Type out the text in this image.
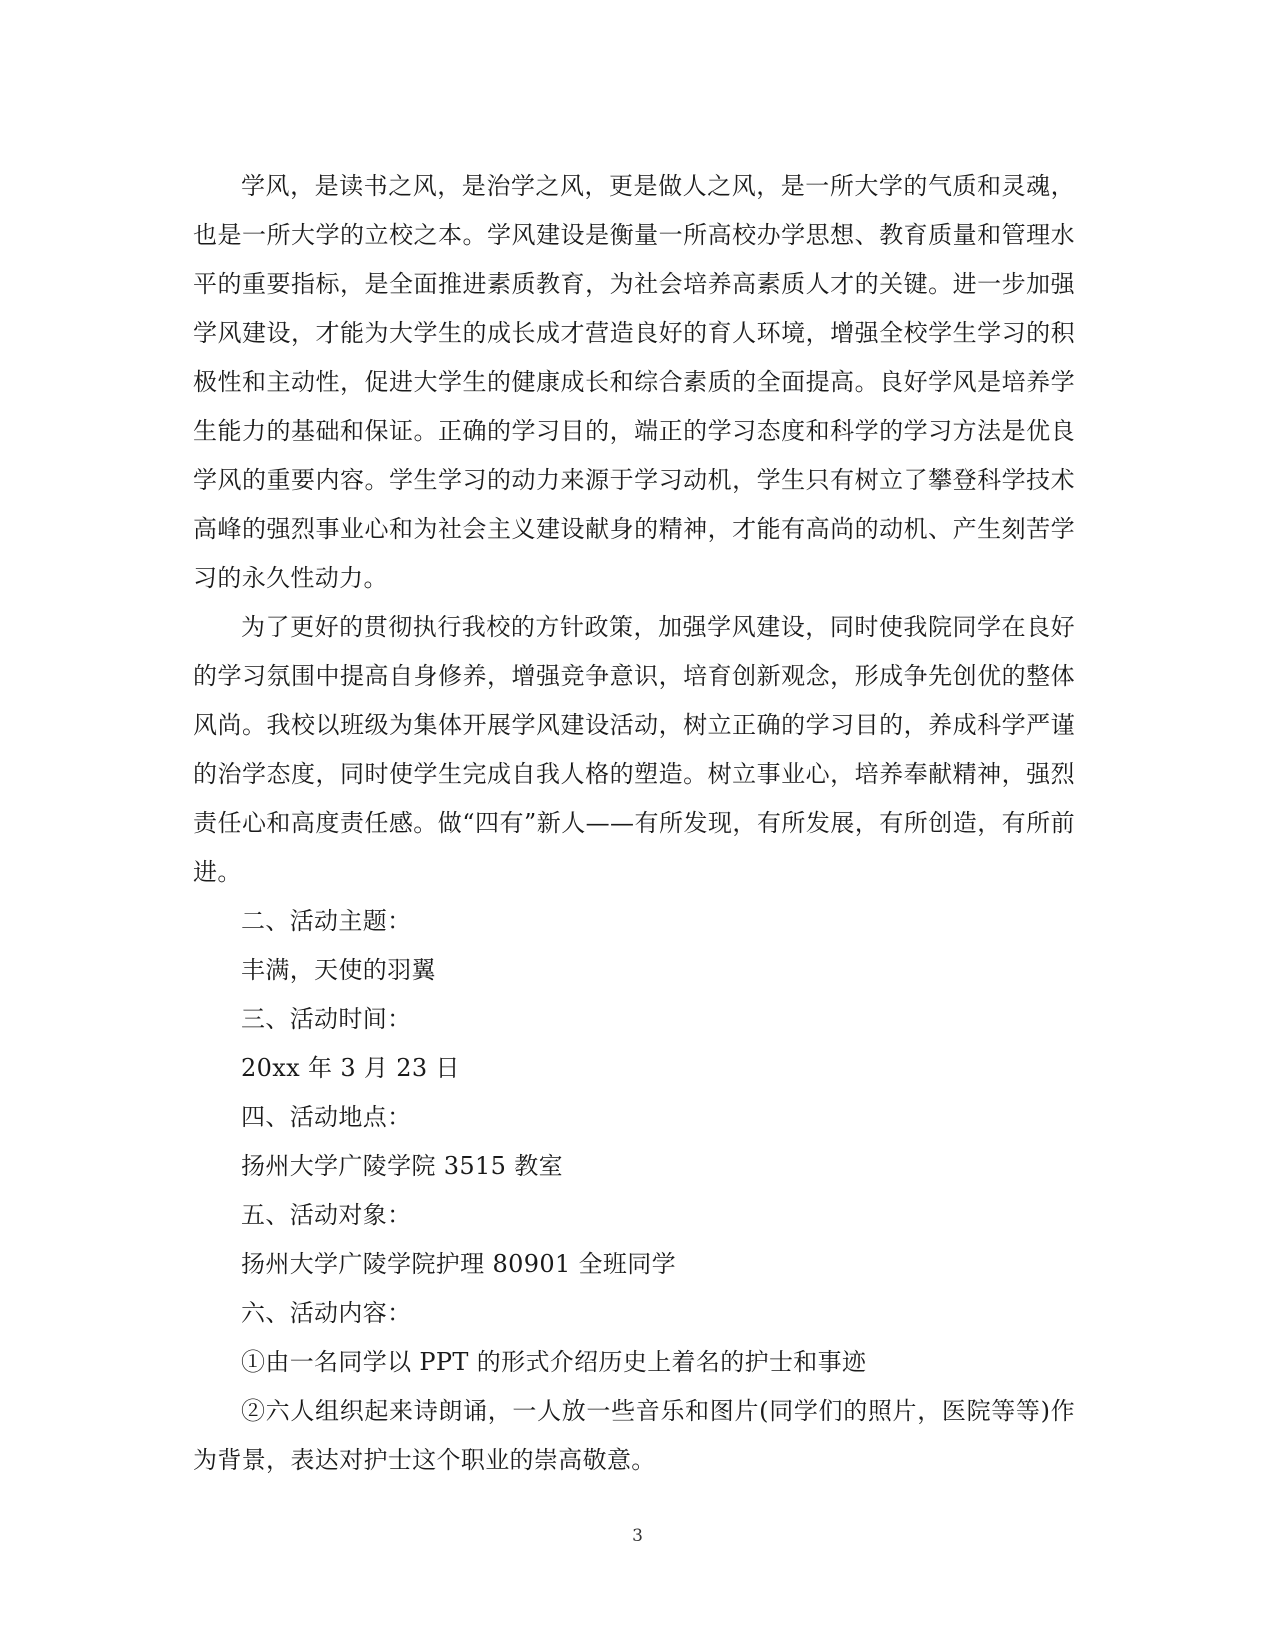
学风，是读书之风，是治学之风，更是做人之风，是一所大学的气质和灵魂，也是一所大学的立校之本。学风建设是衡量一所高校办学思想、教育质量和管理水平的重要指标，是全面推进素质教育，为社会培养高素质人才的关键。进一步加强学风建设，才能为大学生的成长成才营造良好的育人环境，增强全校学生学习的积极性和主动性，促进大学生的健康成长和综合素质的全面提高。良好学风是培养学生能力的基础和保证。正确的学习目的，端正的学习态度和科学的学习方法是优良学风的重要内容。学生学习的动力来源于学习动机，学生只有树立了攀登科学技术高峰的强烈事业心和为社会主义建设献身的精神，才能有高尚的动机、产生刻苦学习的永久性动力。

为了更好的贯彻执行我校的方针政策，加强学风建设，同时使我院同学在良好的学习氛围中提高自身修养，增强竞争意识，培育创新观念，形成争先创优的整体风尚。我校以班级为集体开展学风建设活动，树立正确的学习目的，养成科学严谨的治学态度，同时使学生完成自我人格的塑造。树立事业心，培养奉献精神，强烈责任心和高度责任感。做“四有”新人——有所发现，有所发展，有所创造，有所前进。

二、活动主题：

丰满，天使的羽翼

三、活动时间：

20xx 年 3 月 23 日

四、活动地点：

扬州大学广陵学院 3515 教室

五、活动对象：

扬州大学广陵学院护理 80901 全班同学

六、活动内容：

①由一名同学以 PPT 的形式介绍历史上着名的护士和事迹

②六人组织起来诗朗诵，一人放一些音乐和图片(同学们的照片，医院等等)作为背景，表达对护士这个职业的崇高敬意。

3
